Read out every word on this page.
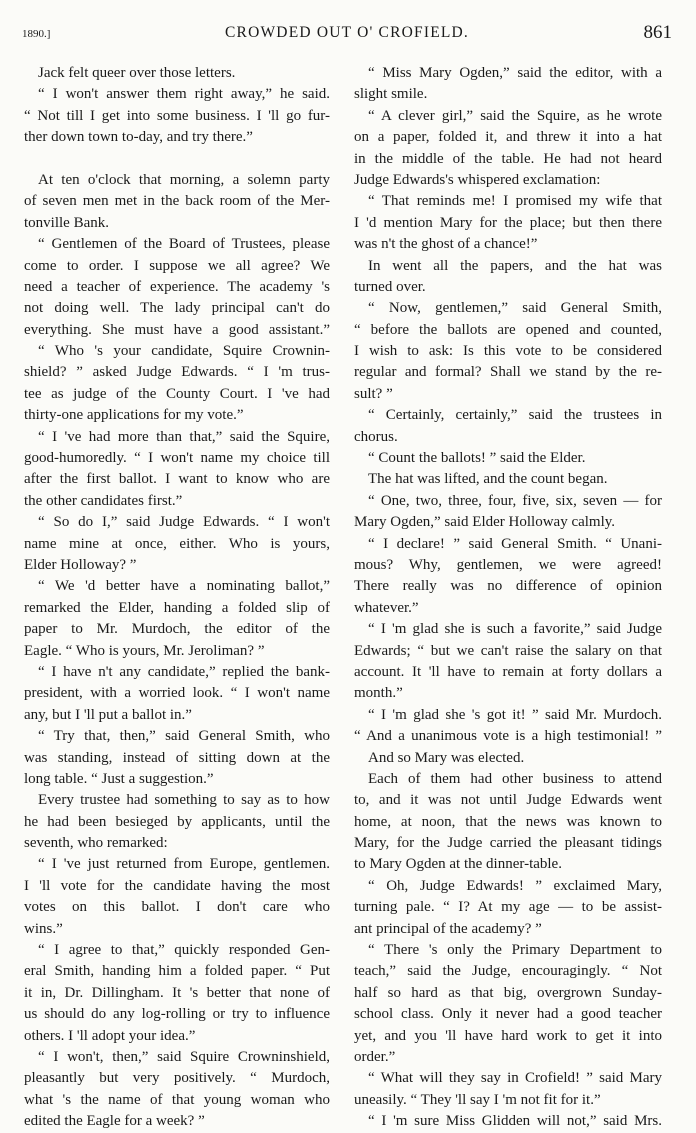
1890.]	CROWDED OUT O' CROFIELD.	861
Jack felt queer over those letters.
“ I won't answer them right away,” he said.
“ Not till I get into some business. I 'll go fur-
ther down town to-day, and try there.”
At ten o'clock that morning, a solemn party
of seven men met in the back room of the Mer-
tonville Bank.
“ Gentlemen of the Board of Trustees, please
come to order. I suppose we all agree? We
need a teacher of experience. The academy 's
not doing well. The lady principal can't do
everything. She must have a good assistant.”
“ Who 's your candidate, Squire Crownin-
shield? ” asked Judge Edwards. “ I 'm trus-
tee as judge of the County Court. I 've had
thirty-one applications for my vote.”
“ I 've had more than that,” said the Squire,
good-humoredly. “ I won't name my choice till
after the first ballot. I want to know who are
the other candidates first.”
“ So do I,” said Judge Edwards. “ I won't
name mine at once, either. Who is yours,
Elder Holloway? ”
“ We 'd better have a nominating ballot,”
remarked the Elder, handing a folded slip of
paper to Mr. Murdoch, the editor of the
Eagle. “ Who is yours, Mr. Jeroliman? ”
“ I have n't any candidate,” replied the bank-
president, with a worried look. “ I won't name
any, but I 'll put a ballot in.”
“ Try that, then,” said General Smith, who
was standing, instead of sitting down at the
long table. “ Just a suggestion.”
Every trustee had something to say as to how
he had been besieged by applicants, until the
seventh, who remarked:
“ I 've just returned from Europe, gentlemen.
I 'll vote for the candidate having the most
votes on this ballot. I don't care who
wins.”
“ I agree to that,” quickly responded Gen-
eral Smith, handing him a folded paper. “ Put
it in, Dr. Dillingham. It 's better that none of
us should do any log-rolling or try to influence
others. I 'll adopt your idea.”
“ I won't, then,” said Squire Crowninshield,
pleasantly but very positively. “ Murdoch,
what 's the name of that young woman who
edited the Eagle for a week? ”
“ Miss Mary Ogden,” said the editor, with a
slight smile.
“ A clever girl,” said the Squire, as he wrote
on a paper, folded it, and threw it into a hat
in the middle of the table. He had not heard
Judge Edwards's whispered exclamation:
“ That reminds me! I promised my wife that
I 'd mention Mary for the place; but then there
was n't the ghost of a chance!”
In went all the papers, and the hat was
turned over.
“ Now, gentlemen,” said General Smith,
“ before the ballots are opened and counted,
I wish to ask: Is this vote to be considered
regular and formal? Shall we stand by the re-
sult? ”
“ Certainly, certainly,” said the trustees in
chorus.
“ Count the ballots! ” said the Elder.
The hat was lifted, and the count began.
“ One, two, three, four, five, six, seven — for
Mary Ogden,” said Elder Holloway calmly.
“ I declare! ” said General Smith. “ Unani-
mous? Why, gentlemen, we were agreed!
There really was no difference of opinion
whatever.”
“ I 'm glad she is such a favorite,” said Judge
Edwards; “ but we can't raise the salary on that
account. It 'll have to remain at forty dollars a
month.”
“ I 'm glad she 's got it! ” said Mr. Murdoch.
“ And a unanimous vote is a high testimonial! ”
And so Mary was elected.
Each of them had other business to attend
to, and it was not until Judge Edwards went
home, at noon, that the news was known to
Mary, for the Judge carried the pleasant tidings
to Mary Ogden at the dinner-table.
“ Oh, Judge Edwards! ” exclaimed Mary,
turning pale. “ I? At my age — to be assist-
ant principal of the academy? ”
“ There 's only the Primary Department to
teach,” said the Judge, encouragingly. “ Not
half so hard as that big, overgrown Sunday-
school class. Only it never had a good teacher
yet, and you 'll have hard work to get it into
order.”
“ What will they say in Crofield! ” said Mary
uneasily. “ They 'll say I 'm not fit for it.”
“ I 'm sure Miss Glidden will not,” said Mrs.
